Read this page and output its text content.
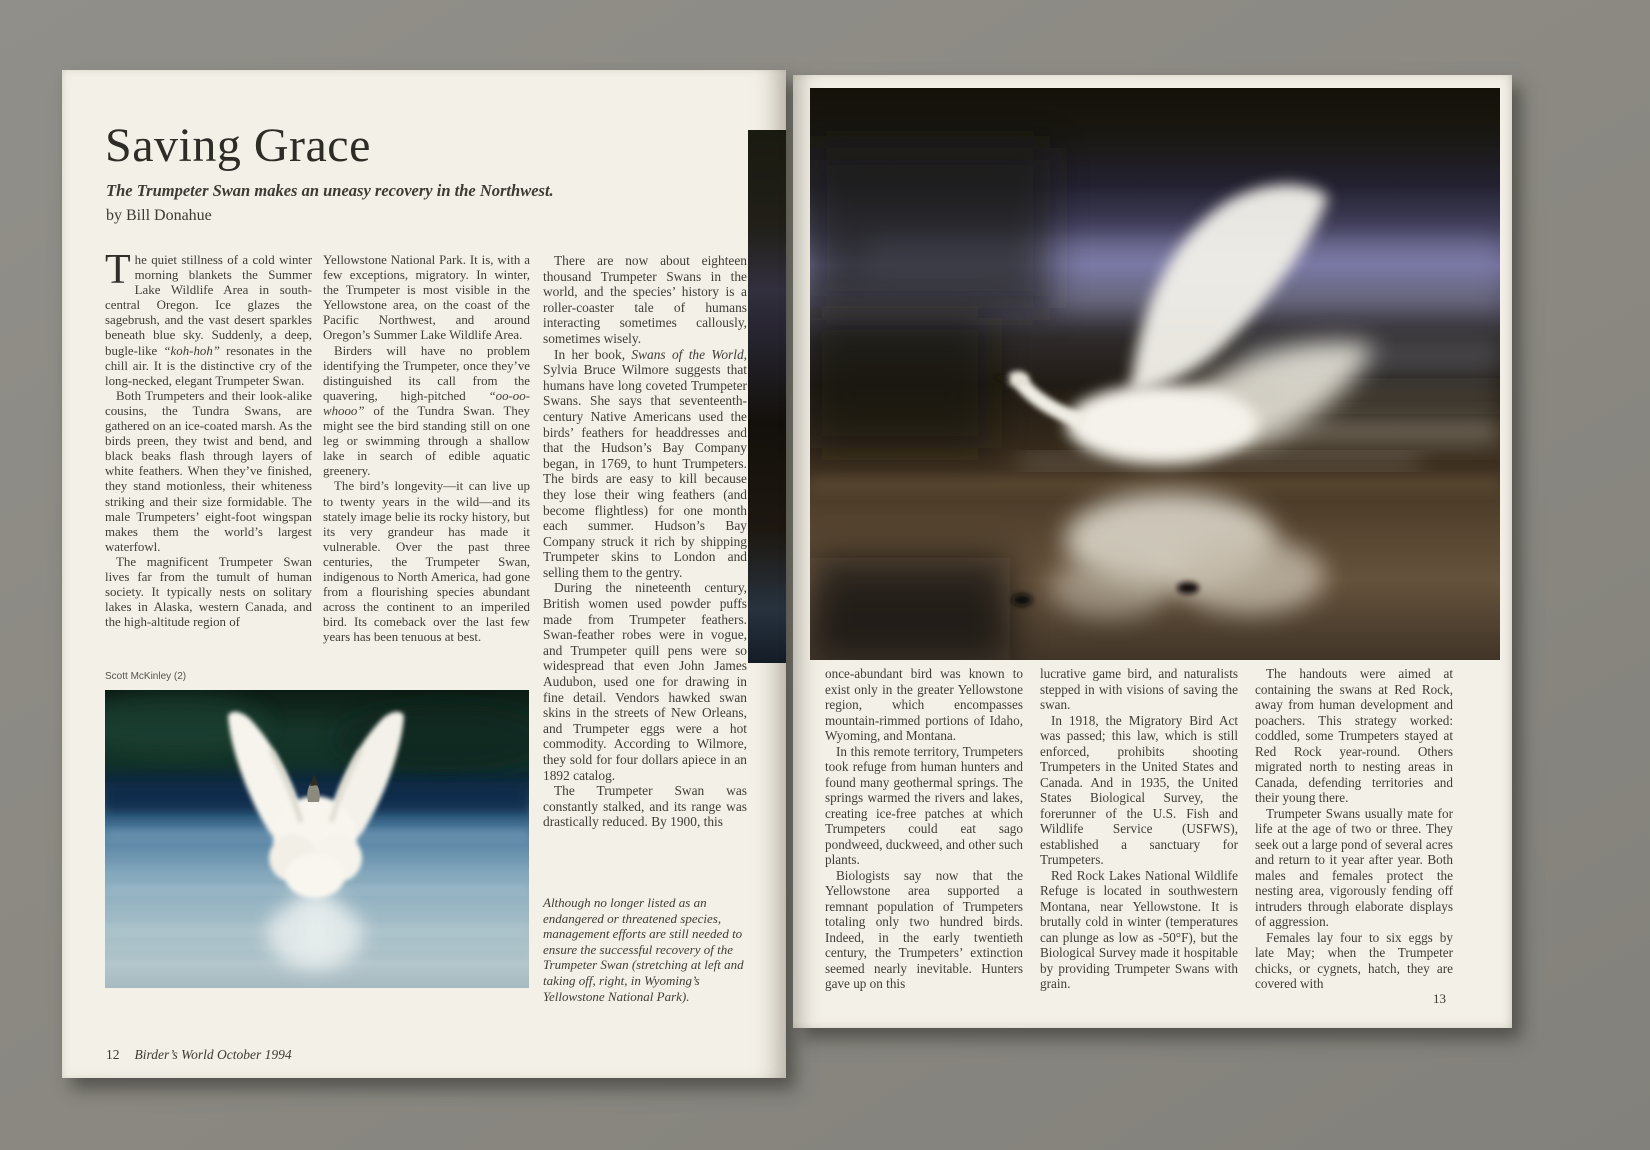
Saving Grace

The Trumpeter Swan makes an uneasy recovery in the Northwest.

by Bill Donahue

The quiet stillness of a cold winter morning blankets the Summer Lake Wildlife Area in south-central Oregon. Ice glazes the sagebrush, and the vast desert sparkles beneath blue sky. Suddenly, a deep, bugle-like “koh-hoh” resonates in the chill air. It is the distinctive cry of the long-necked, elegant Trumpeter Swan.

Both Trumpeters and their look-alike cousins, the Tundra Swans, are gathered on an ice-coated marsh. As the birds preen, they twist and bend, and black beaks flash through layers of white feathers. When they’ve finished, they stand motionless, their whiteness striking and their size formidable. The male Trumpeters’ eight-foot wingspan makes them the world’s largest waterfowl.

The magnificent Trumpeter Swan lives far from the tumult of human society. It typically nests on solitary lakes in Alaska, western Canada, and the high-altitude region of

Yellowstone National Park. It is, with a few exceptions, migratory. In winter, the Trumpeter is most visible in the Yellowstone area, on the coast of the Pacific Northwest, and around Oregon’s Summer Lake Wildlife Area.

Birders will have no problem identifying the Trumpeter, once they’ve distinguished its call from the quavering, high-pitched “oo-oo-whooo” of the Tundra Swan. They might see the bird standing still on one leg or swimming through a shallow lake in search of edible aquatic greenery.

The bird’s longevity—it can live up to twenty years in the wild—and its stately image belie its rocky history, but its very grandeur has made it vulnerable. Over the past three centuries, the Trumpeter Swan, indigenous to North America, had gone from a flourishing species abundant across the continent to an imperiled bird. Its comeback over the last few years has been tenuous at best.

There are now about eighteen thousand Trumpeter Swans in the world, and the species’ history is a roller-coaster tale of humans interacting sometimes callously, sometimes wisely.

In her book, Swans of the World, Sylvia Bruce Wilmore suggests that humans have long coveted Trumpeter Swans. She says that seventeenth-century Native Americans used the birds’ feathers for headdresses and that the Hudson’s Bay Company began, in 1769, to hunt Trumpeters. The birds are easy to kill because they lose their wing feathers (and become flightless) for one month each summer. Hudson’s Bay Company struck it rich by shipping Trumpeter skins to London and selling them to the gentry.

During the nineteenth century, British women used powder puffs made from Trumpeter feathers. Swan-feather robes were in vogue, and Trumpeter quill pens were so widespread that even John James Audubon, used one for drawing in fine detail. Vendors hawked swan skins in the streets of New Orleans, and Trumpeter eggs were a hot commodity. According to Wilmore, they sold for four dollars apiece in an 1892 catalog.

The Trumpeter Swan was constantly stalked, and its range was drastically reduced. By 1900, this

Scott McKinley (2)

Although no longer listed as an endangered or threatened species, management efforts are still needed to ensure the successful recovery of the Trumpeter Swan (stretching at left and taking off, right, in Wyoming’s Yellowstone National Park).

12 Birder’s World October 1994

once-abundant bird was known to exist only in the greater Yellowstone region, which encompasses mountain-rimmed portions of Idaho, Wyoming, and Montana.

In this remote territory, Trumpeters took refuge from human hunters and found many geothermal springs. The springs warmed the rivers and lakes, creating ice-free patches at which Trumpeters could eat sago pondweed, duckweed, and other such plants.

Biologists say now that the Yellowstone area supported a remnant population of Trumpeters totaling only two hundred birds. Indeed, in the early twentieth century, the Trumpeters’ extinction seemed nearly inevitable. Hunters gave up on this

lucrative game bird, and naturalists stepped in with visions of saving the swan.

In 1918, the Migratory Bird Act was passed; this law, which is still enforced, prohibits shooting Trumpeters in the United States and Canada. And in 1935, the United States Biological Survey, the forerunner of the U.S. Fish and Wildlife Service (USFWS), established a sanctuary for Trumpeters.

Red Rock Lakes National Wildlife Refuge is located in southwestern Montana, near Yellowstone. It is brutally cold in winter (temperatures can plunge as low as -50°F), but the Biological Survey made it hospitable by providing Trumpeter Swans with grain.

The handouts were aimed at containing the swans at Red Rock, away from human development and poachers. This strategy worked: coddled, some Trumpeters stayed at Red Rock year-round. Others migrated north to nesting areas in Canada, defending territories and their young there.

Trumpeter Swans usually mate for life at the age of two or three. They seek out a large pond of several acres and return to it year after year. Both males and females protect the nesting area, vigorously fending off intruders through elaborate displays of aggression.

Females lay four to six eggs by late May; when the Trumpeter chicks, or cygnets, hatch, they are covered with

13
